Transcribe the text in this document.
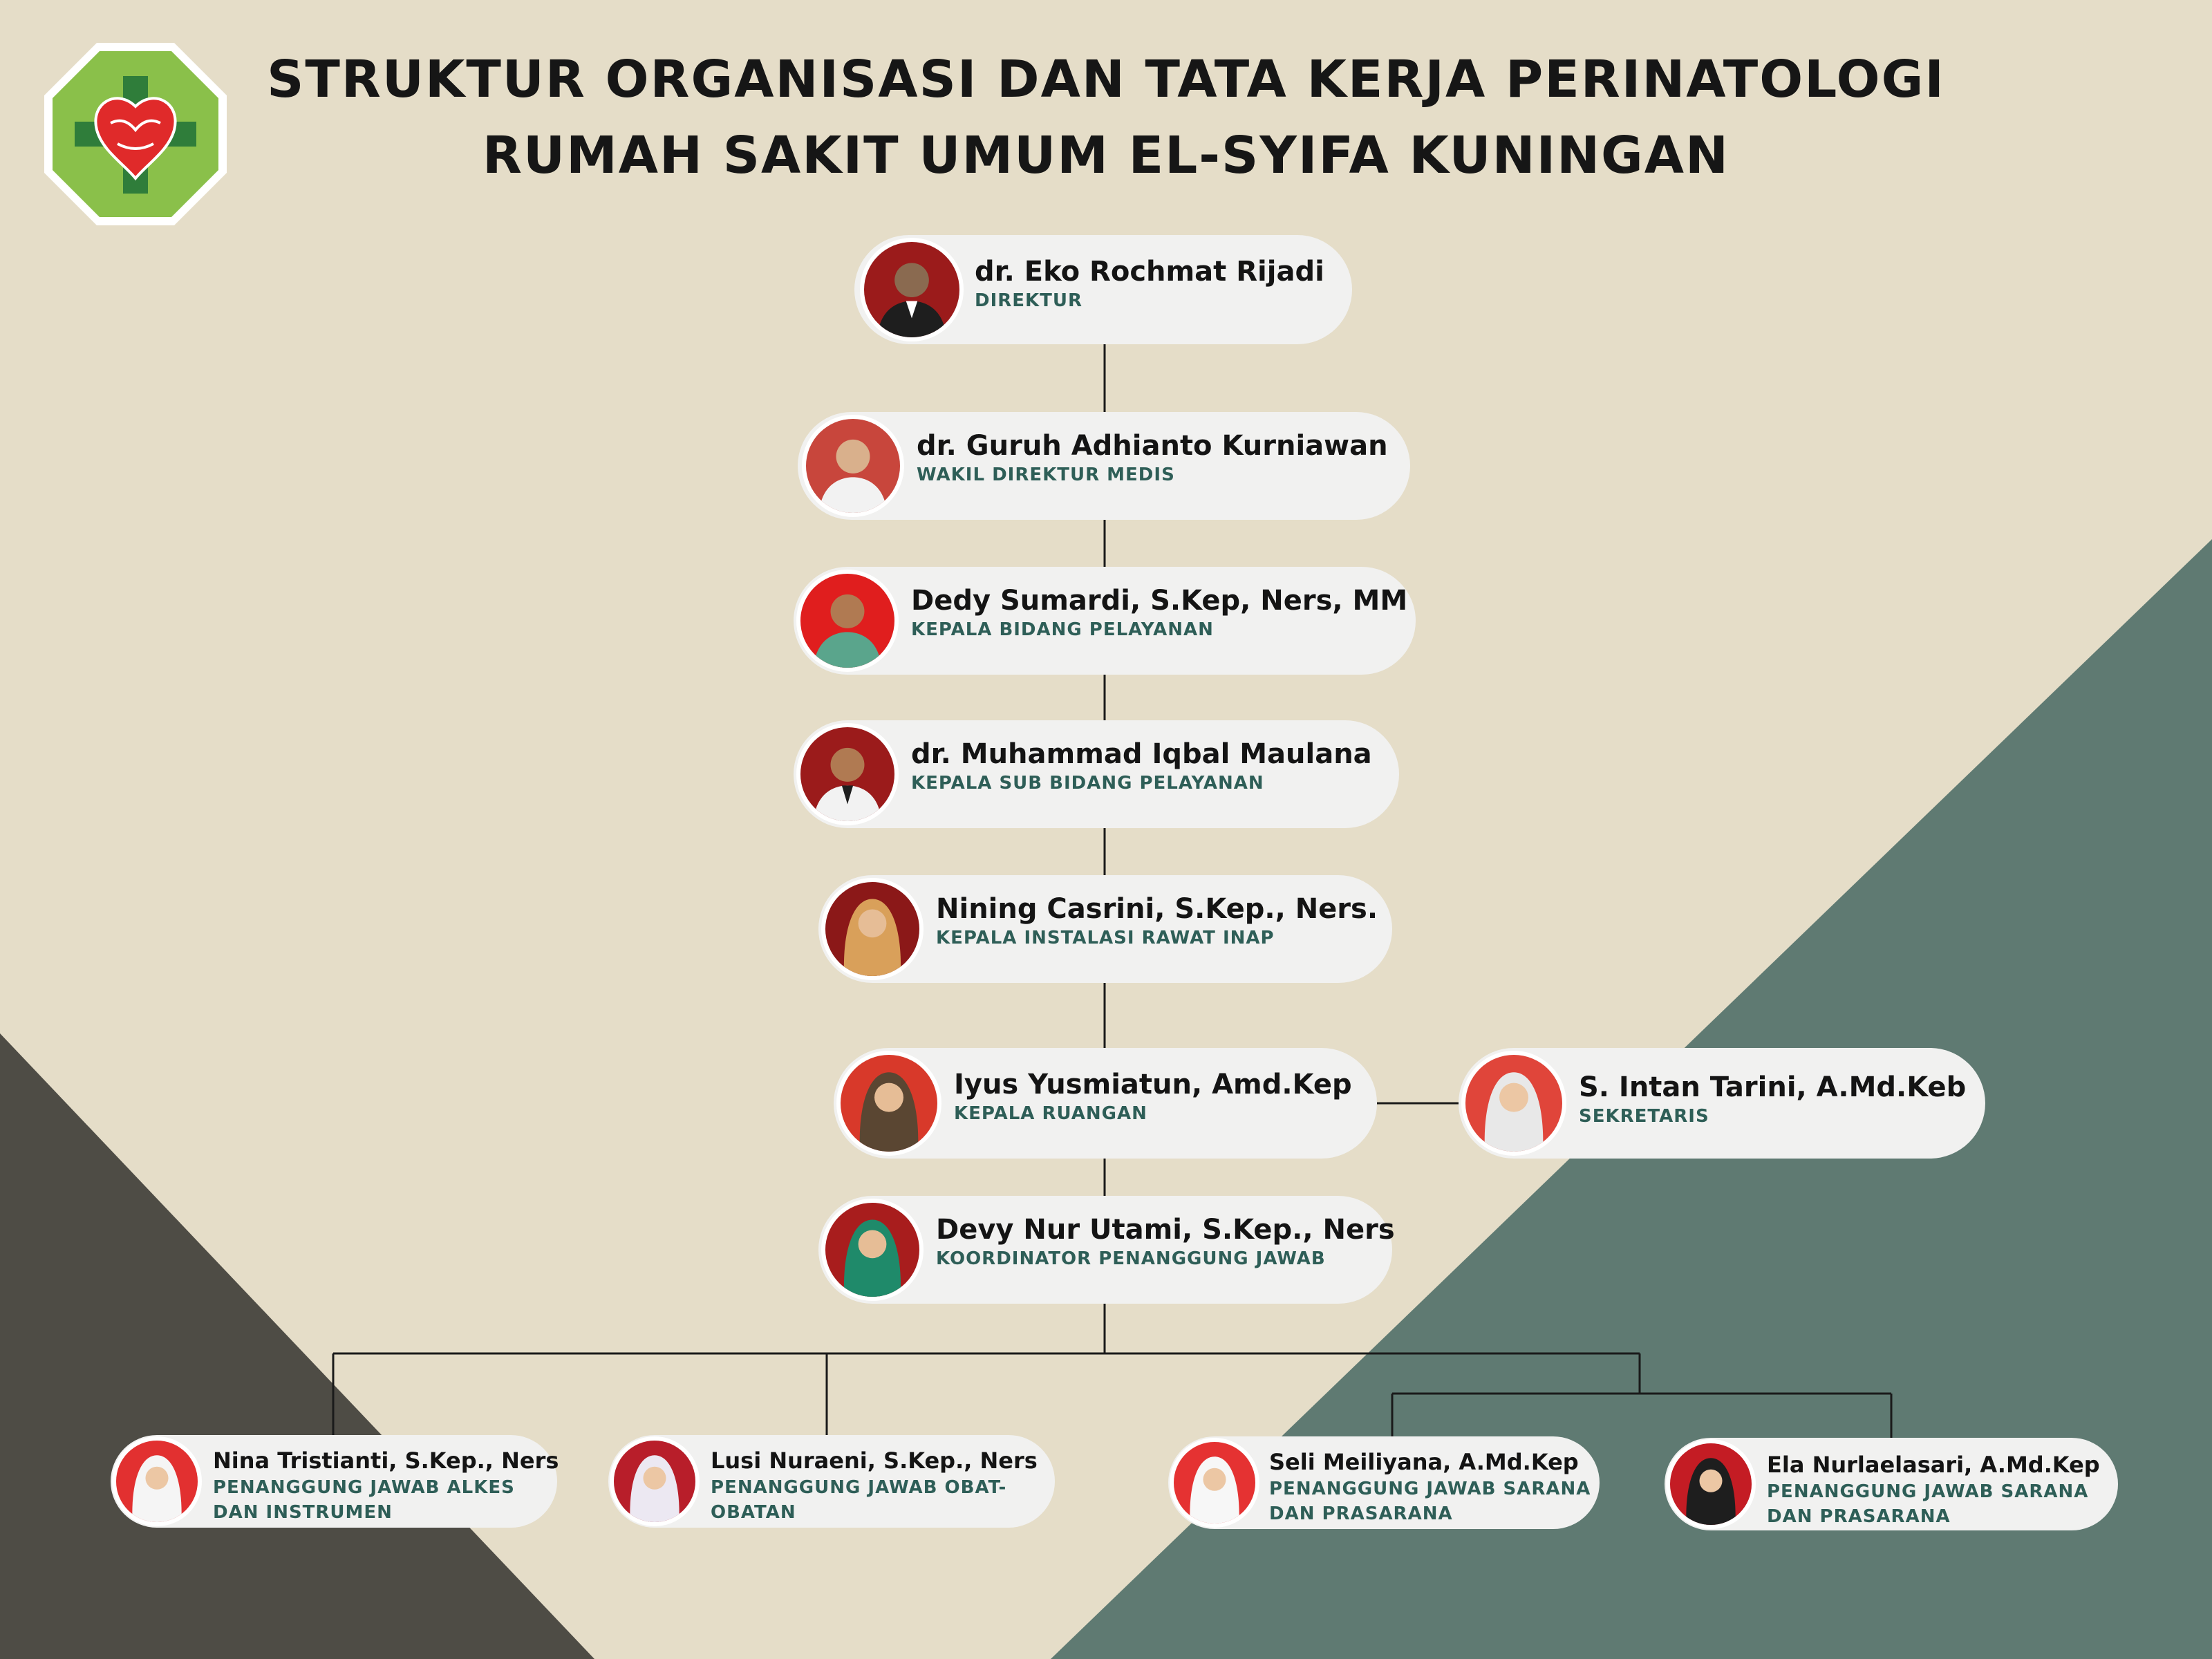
STRUKTUR ORGANISASI DAN TATA KERJA PERINATOLOGI
RUMAH SAKIT UMUM EL-SYIFA KUNINGAN
dr. Eko Rochmat Rijadi
DIREKTUR
dr. Guruh Adhianto Kurniawan
WAKIL DIREKTUR MEDIS
Dedy Sumardi, S.Kep, Ners, MM
KEPALA BIDANG PELAYANAN
dr. Muhammad Iqbal Maulana
KEPALA SUB BIDANG PELAYANAN
Nining Casrini, S.Kep., Ners.
KEPALA INSTALASI RAWAT INAP
Iyus Yusmiatun, Amd.Kep
KEPALA RUANGAN
S. Intan Tarini, A.Md.Keb
SEKRETARIS
Devy Nur Utami, S.Kep., Ners
KOORDINATOR PENANGGUNG JAWAB
Nina Tristianti, S.Kep., Ners
PENANGGUNG JAWAB ALKES DAN INSTRUMEN
Lusi Nuraeni, S.Kep., Ners
PENANGGUNG JAWAB OBAT-OBATAN
Seli Meiliyana, A.Md.Kep
PENANGGUNG JAWAB SARANA DAN PRASARANA
Ela Nurlaelasari, A.Md.Kep
PENANGGUNG JAWAB SARANA DAN PRASARANA
